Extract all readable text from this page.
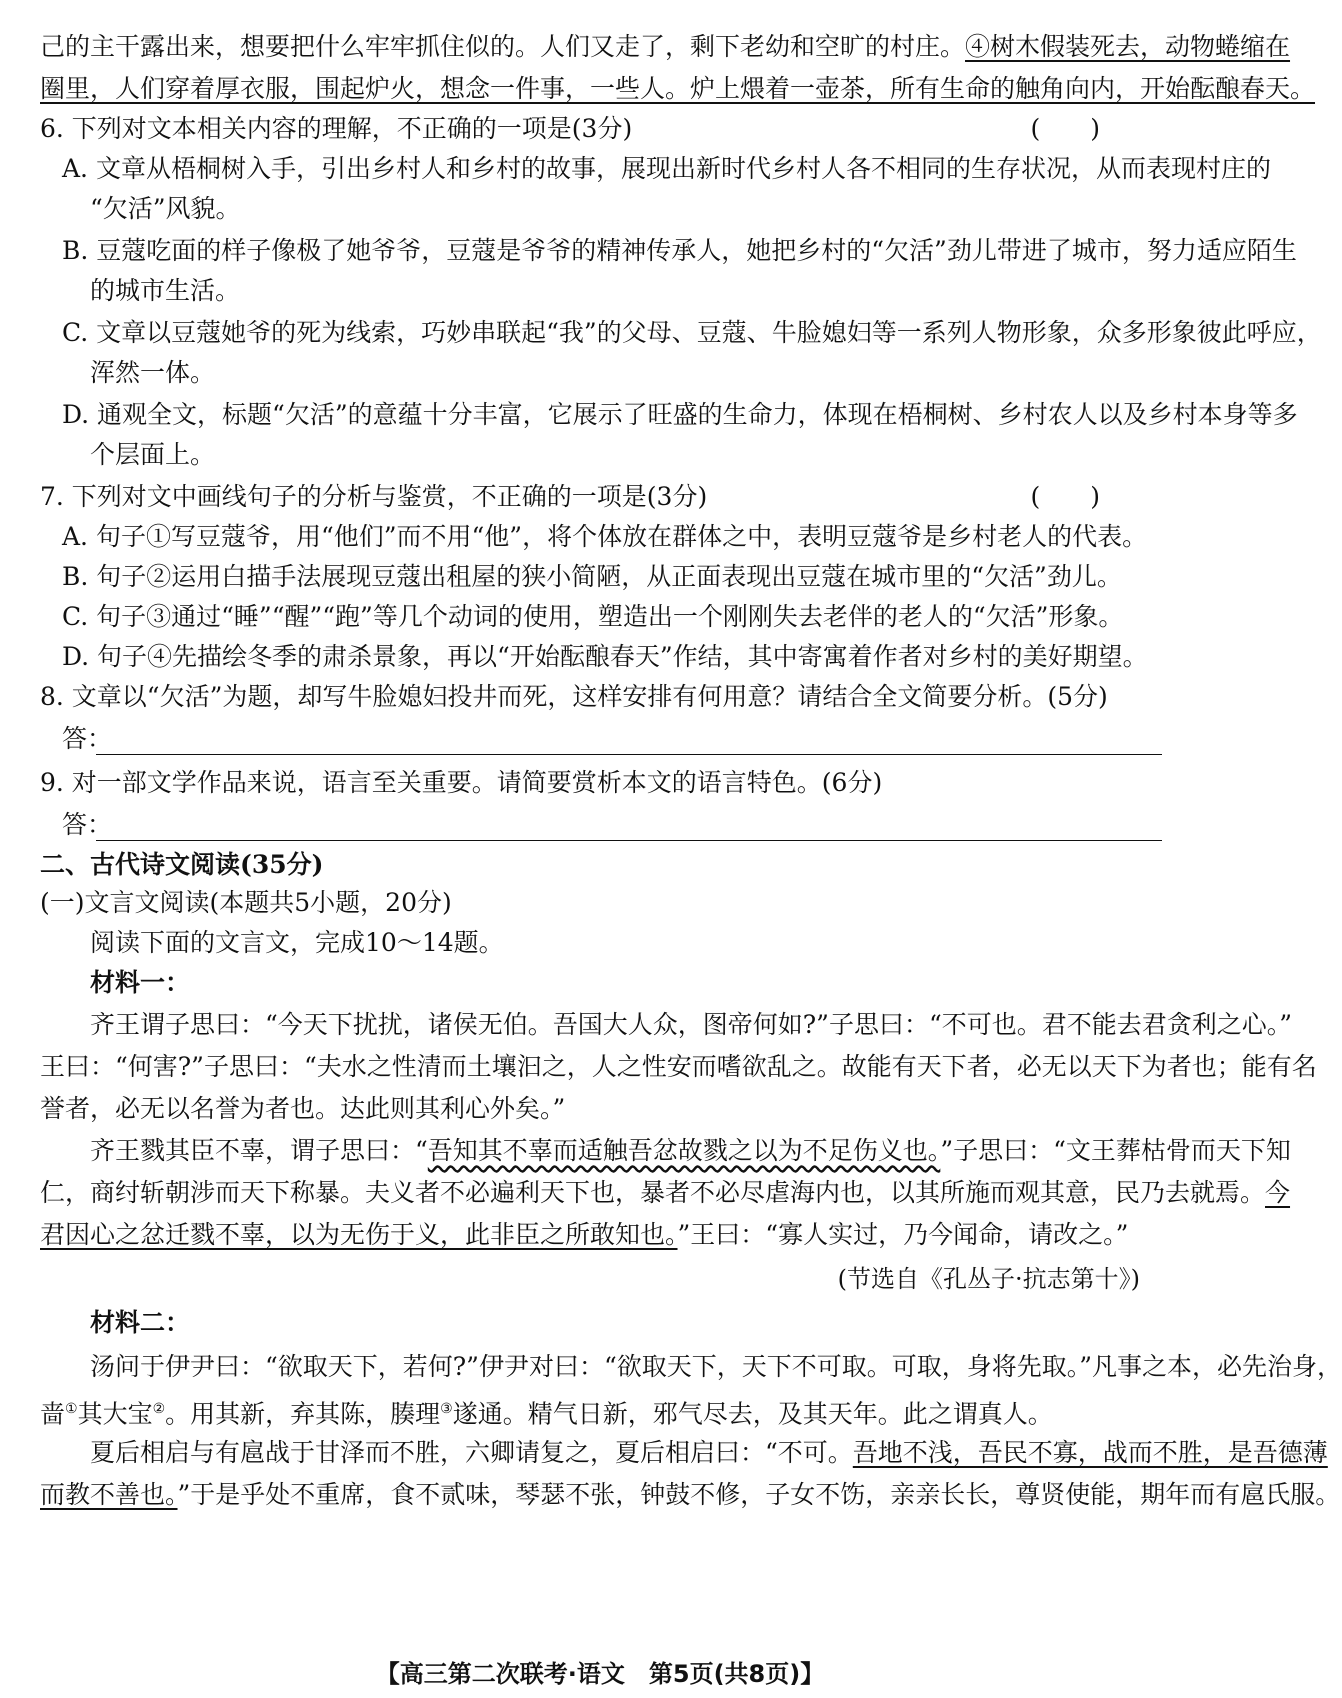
己的主干露出来，想要把什么牢牢抓住似的。人们又走了，剩下老幼和空旷的村庄。④树木假装死去，动物蜷缩在
圈里，人们穿着厚衣服，围起炉火，想念一件事，一些人。炉上煨着一壶茶，所有生命的触角向内，开始酝酿春天。
6. 下列对文本相关内容的理解，不正确的一项是(3分)	(　　)
A. 文章从梧桐树入手，引出乡村人和乡村的故事，展现出新时代乡村人各不相同的生存状况，从而表现村庄的
“欠活”风貌。
B. 豆蔻吃面的样子像极了她爷爷，豆蔻是爷爷的精神传承人，她把乡村的“欠活”劲儿带进了城市，努力适应陌生
的城市生活。
C. 文章以豆蔻她爷的死为线索，巧妙串联起“我”的父母、豆蔻、牛脸媳妇等一系列人物形象，众多形象彼此呼应，
浑然一体。
D. 通观全文，标题“欠活”的意蕴十分丰富，它展示了旺盛的生命力，体现在梧桐树、乡村农人以及乡村本身等多
个层面上。
7. 下列对文中画线句子的分析与鉴赏，不正确的一项是(3分)	(　　)
A. 句子①写豆蔻爷，用“他们”而不用“他”，将个体放在群体之中，表明豆蔻爷是乡村老人的代表。
B. 句子②运用白描手法展现豆蔻出租屋的狭小简陋，从正面表现出豆蔻在城市里的“欠活”劲儿。
C. 句子③通过“睡”“醒”“跑”等几个动词的使用，塑造出一个刚刚失去老伴的老人的“欠活”形象。
D. 句子④先描绘冬季的肃杀景象，再以“开始酝酿春天”作结，其中寄寓着作者对乡村的美好期望。
8. 文章以“欠活”为题，却写牛脸媳妇投井而死，这样安排有何用意？请结合全文简要分析。(5分)
答：
9. 对一部文学作品来说，语言至关重要。请简要赏析本文的语言特色。(6分)
答：
二、古代诗文阅读(35分)
(一)文言文阅读(本题共5小题，20分)
阅读下面的文言文，完成10～14题。
材料一：
齐王谓子思曰：“今天下扰扰，诸侯无伯。吾国大人众，图帝何如?”子思曰：“不可也。君不能去君贪利之心。”
王曰：“何害?”子思曰：“夫水之性清而土壤汩之，人之性安而嗜欲乱之。故能有天下者，必无以天下为者也；能有名
誉者，必无以名誉为者也。达此则其利心外矣。”
齐王戮其臣不辜，谓子思曰：“吾知其不辜而适触吾忿故戮之以为不足伤义也。”子思曰：“文王葬枯骨而天下知
仁，商纣斩朝涉而天下称暴。夫义者不必遍利天下也，暴者不必尽虐海内也，以其所施而观其意，民乃去就焉。今
君因心之忿迁戮不辜，以为无伤于义，此非臣之所敢知也。”王曰：“寡人实过，乃今闻命，请改之。”
(节选自《孔丛子·抗志第十》)
材料二：
汤问于伊尹曰：“欲取天下，若何?”伊尹对曰：“欲取天下，天下不可取。可取，身将先取。”凡事之本，必先治身，
啬①其大宝②。用其新，弃其陈，腠理③遂通。精气日新，邪气尽去，及其天年。此之谓真人。
夏后相启与有扈战于甘泽而不胜，六卿请复之，夏后相启曰：“不可。吾地不浅，吾民不寡，战而不胜，是吾德薄
而教不善也。”于是乎处不重席，食不贰味，琴瑟不张，钟鼓不修，子女不饬，亲亲长长，尊贤使能，期年而有扈氏服。
【高三第二次联考·语文　第5页(共8页)】
